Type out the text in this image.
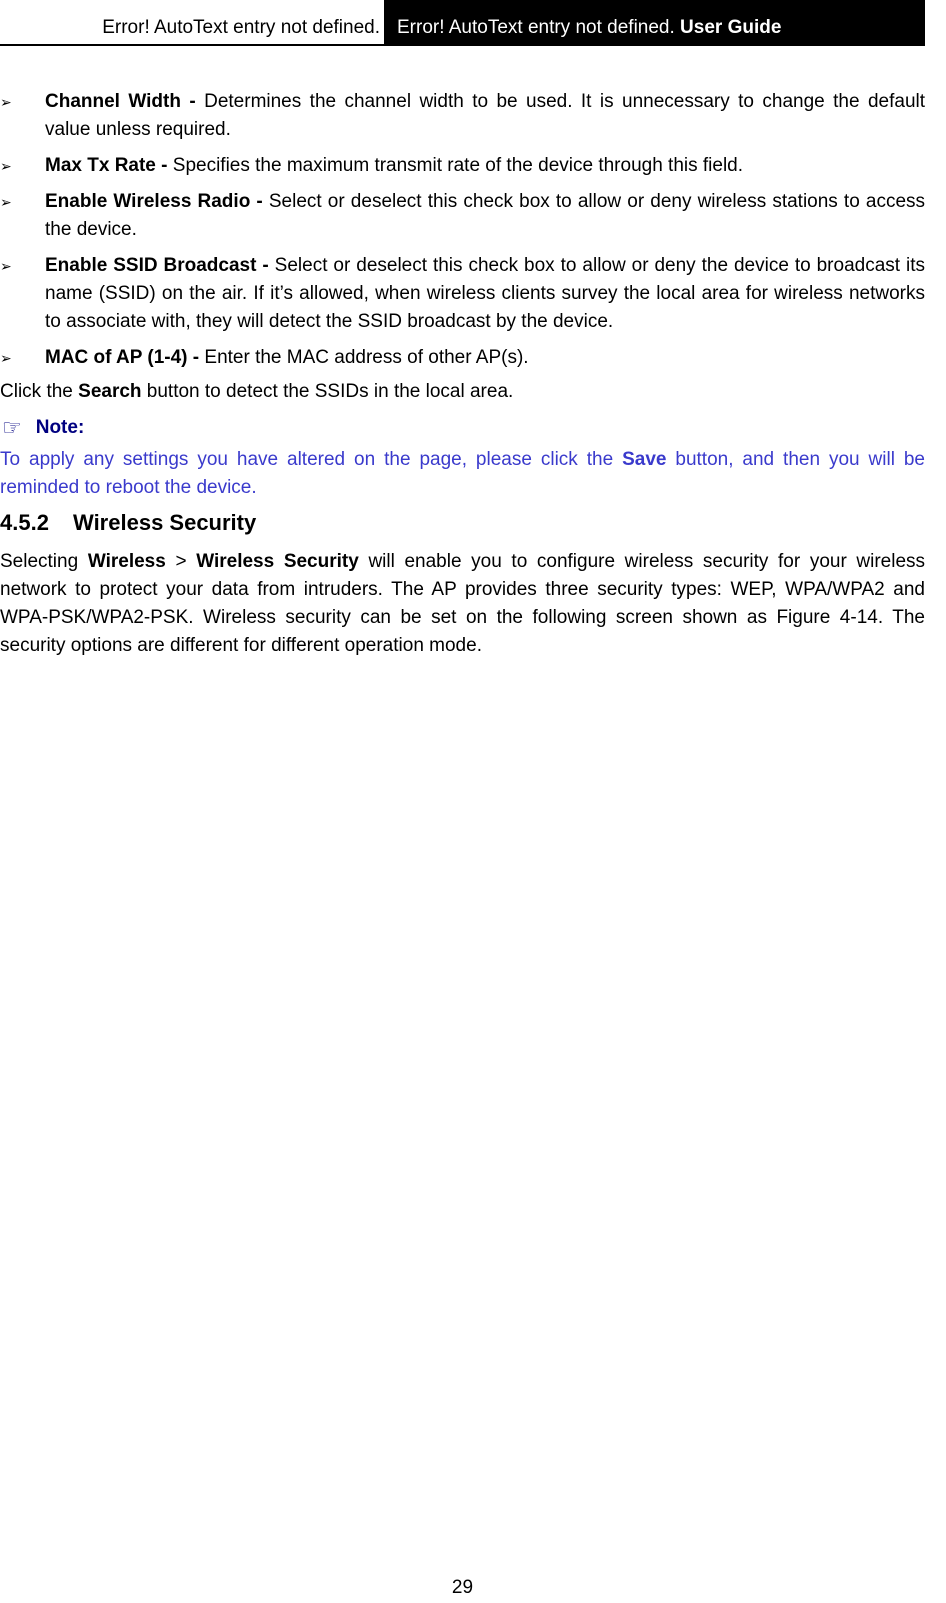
Error! AutoText entry not defined. Error! AutoText entry not defined. User Guide
➢ Channel Width - Determines the channel width to be used. It is unnecessary to change the default value unless required.
➢ Max Tx Rate - Specifies the maximum transmit rate of the device through this field.
➢ Enable Wireless Radio - Select or deselect this check box to allow or deny wireless stations to access the device.
➢ Enable SSID Broadcast - Select or deselect this check box to allow or deny the device to broadcast its name (SSID) on the air. If it’s allowed, when wireless clients survey the local area for wireless networks to associate with, they will detect the SSID broadcast by the device.
➢ MAC of AP (1-4) - Enter the MAC address of other AP(s).

Click the Search button to detect the SSIDs in the local area.

☞ Note:

To apply any settings you have altered on the page, please click the Save button, and then you will be reminded to reboot the device.

4.5.2 Wireless Security

Selecting Wireless > Wireless Security will enable you to configure wireless security for your wireless network to protect your data from intruders. The AP provides three security types: WEP, WPA/WPA2 and WPA-PSK/WPA2-PSK. Wireless security can be set on the following screen shown as Figure 4-14. The security options are different for different operation mode.

29
